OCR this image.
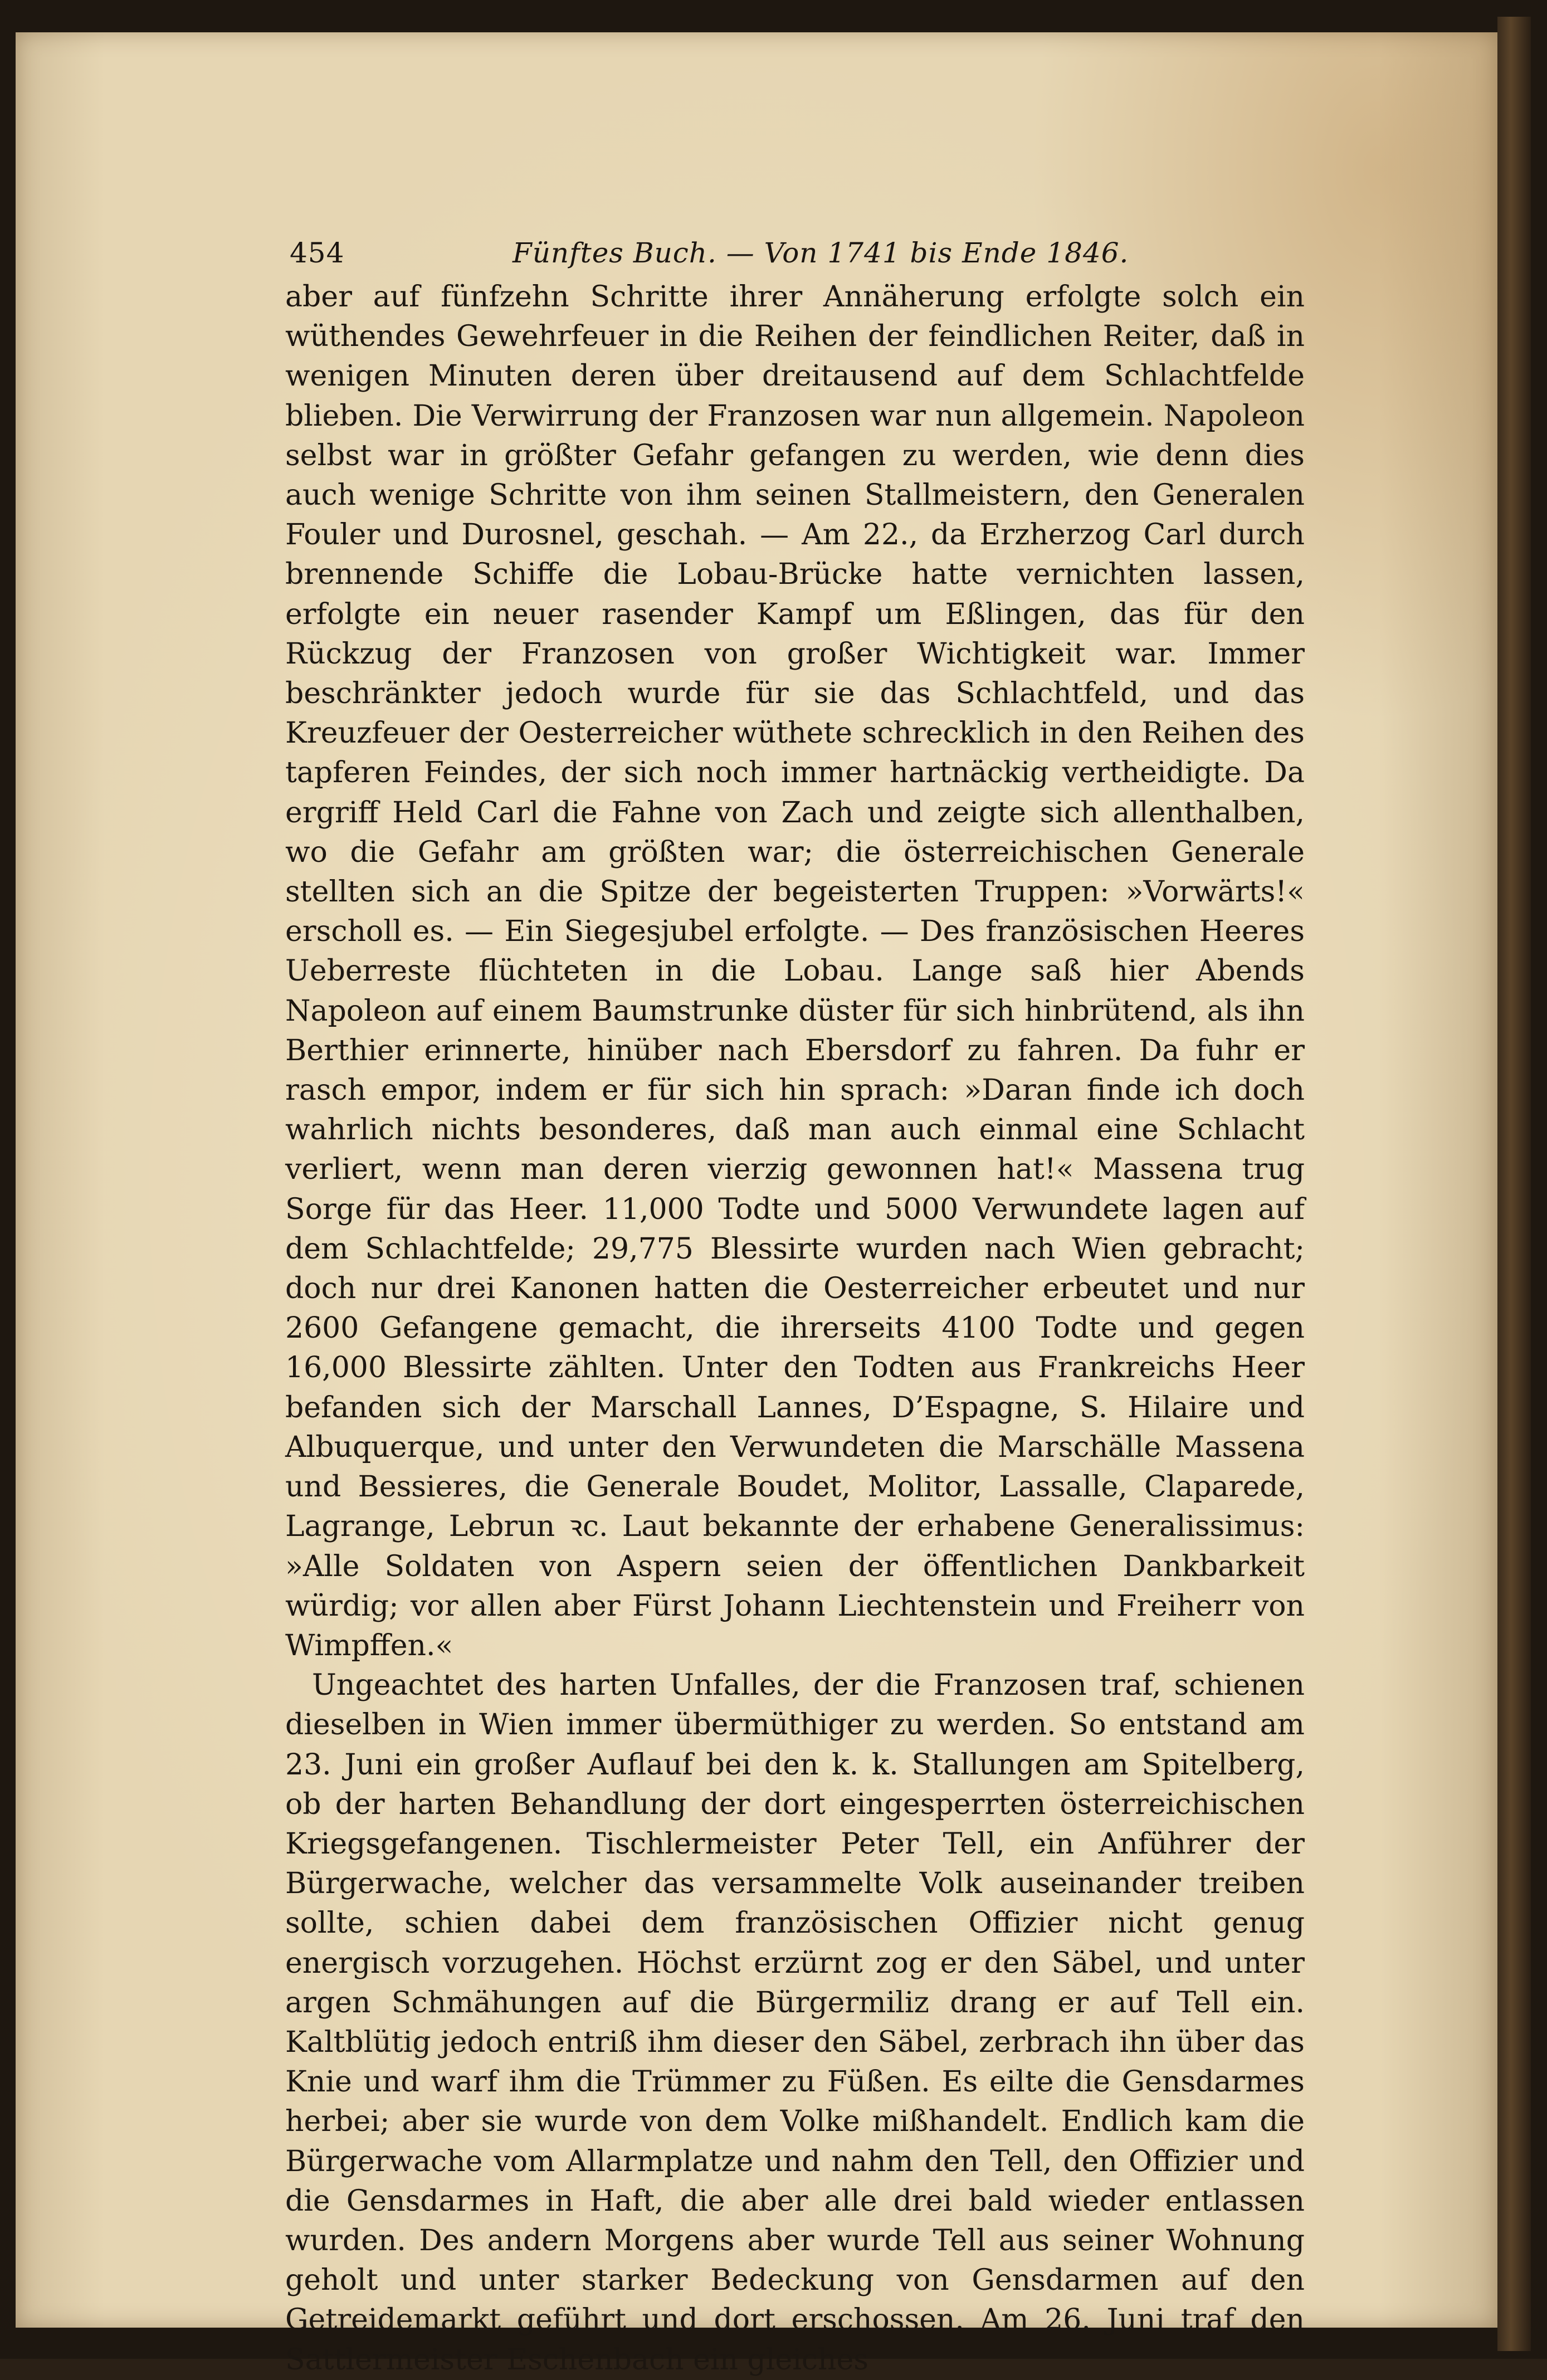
454	Fünftes Buch. — Von 1741 bis Ende 1846.

aber auf fünfzehn Schritte ihrer Annäherung erfolgte solch ein wüthendes Gewehrfeuer in die Reihen der feindlichen Reiter, daß in wenigen Minuten deren über dreitausend auf dem Schlachtfelde blieben. Die Verwirrung der Franzosen war nun allgemein. Napoleon selbst war in größter Gefahr gefangen zu werden, wie denn dies auch wenige Schritte von ihm seinen Stallmeistern, den Generalen Fouler und Durosnel, geschah. — Am 22., da Erzherzog Carl durch brennende Schiffe die Lobau-Brücke hatte vernichten lassen, erfolgte ein neuer rasender Kampf um Eßlingen, das für den Rückzug der Franzosen von großer Wichtigkeit war. Immer beschränkter jedoch wurde für sie das Schlachtfeld, und das Kreuzfeuer der Oesterreicher wüthete schrecklich in den Reihen des tapferen Feindes, der sich noch immer hartnäckig vertheidigte. Da ergriff Held Carl die Fahne von Zach und zeigte sich allenthalben, wo die Gefahr am größten war; die österreichischen Generale stellten sich an die Spitze der begeisterten Truppen: »Vorwärts!« erscholl es. — Ein Siegesjubel erfolgte. — Des französischen Heeres Ueberreste flüchteten in die Lobau. Lange saß hier Abends Napoleon auf einem Baumstrunke düster für sich hinbrütend, als ihn Berthier erinnerte, hinüber nach Ebersdorf zu fahren. Da fuhr er rasch empor, indem er für sich hin sprach: »Daran finde ich doch wahrlich nichts besonderes, daß man auch einmal eine Schlacht verliert, wenn man deren vierzig gewonnen hat!« Massena trug Sorge für das Heer. 11,000 Todte und 5000 Verwundete lagen auf dem Schlachtfelde; 29,775 Blessirte wurden nach Wien gebracht; doch nur drei Kanonen hatten die Oesterreicher erbeutet und nur 2600 Gefangene gemacht, die ihrerseits 4100 Todte und gegen 16,000 Blessirte zählten. Unter den Todten aus Frankreichs Heer befanden sich der Marschall Lannes, D’Espagne, S. Hilaire und Albuquerque, und unter den Verwundeten die Marschälle Massena und Bessieres, die Generale Boudet, Molitor, Lassalle, Claparede, Lagrange, Lebrun ꝛc. Laut bekannte der erhabene Generalissimus: »Alle Soldaten von Aspern seien der öffentlichen Dankbarkeit würdig; vor allen aber Fürst Johann Liechtenstein und Freiherr von Wimpffen.«

Ungeachtet des harten Unfalles, der die Franzosen traf, schienen dieselben in Wien immer übermüthiger zu werden. So entstand am 23. Juni ein großer Auflauf bei den k. k. Stallungen am Spitelberg, ob der harten Behandlung der dort eingesperrten österreichischen Kriegsgefangenen. Tischlermeister Peter Tell, ein Anführer der Bürgerwache, welcher das versammelte Volk auseinander treiben sollte, schien dabei dem französischen Offizier nicht genug energisch vorzugehen. Höchst erzürnt zog er den Säbel, und unter argen Schmähungen auf die Bürgermiliz drang er auf Tell ein. Kaltblütig jedoch entriß ihm dieser den Säbel, zerbrach ihn über das Knie und warf ihm die Trümmer zu Füßen. Es eilte die Gensdarmes herbei; aber sie wurde von dem Volke mißhandelt. Endlich kam die Bürgerwache vom Allarmplatze und nahm den Tell, den Offizier und die Gensdarmes in Haft, die aber alle drei bald wieder entlassen wurden. Des andern Morgens aber wurde Tell aus seiner Wohnung geholt und unter starker Bedeckung von Gensdarmen auf den Getreidemarkt geführt und dort erschossen. Am 26. Juni traf den Sattlermeister Eschenbach ein gleiches
